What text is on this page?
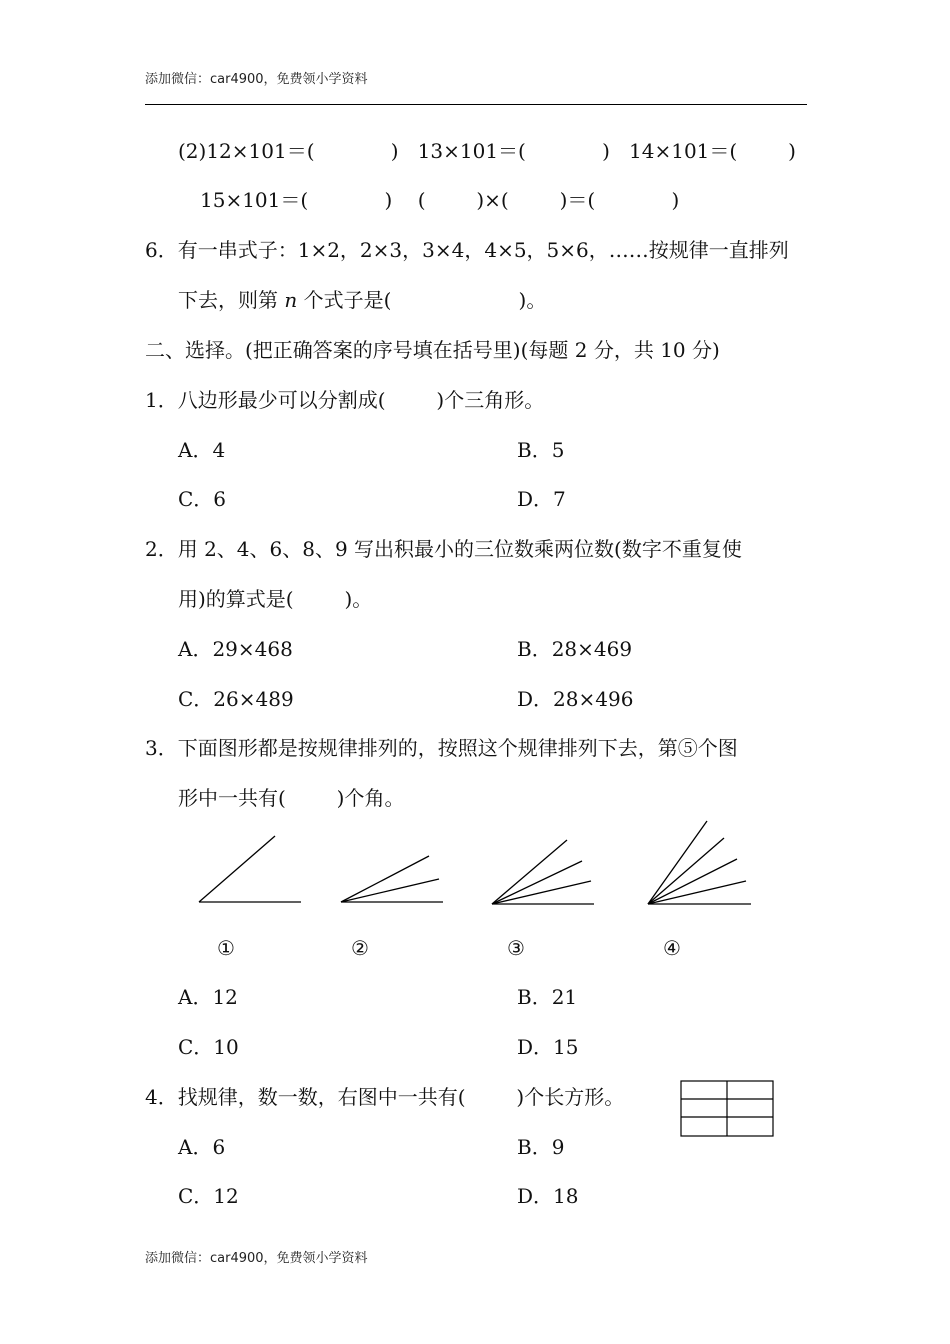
添加微信：car4900，免费领小学资料
(2)12×101＝(            )   13×101＝(            )   14×101＝(        )
15×101＝(            )    (        )×(        )＝(            )
6．有一串式子：1×2，2×3，3×4，4×5，5×6，……按规律一直排列
下去，则第 n 个式子是(                    )。
二、选择。(把正确答案的序号填在括号里)(每题 2 分，共 10 分)
1．八边形最少可以分割成(        )个三角形。
A．4	B．5
C．6	D．7
2．用 2、4、6、8、9 写出积最小的三位数乘两位数(数字不重复使
用)的算式是(        )。
A．29×468	B．28×469
C．26×489	D．28×496
3．下面图形都是按规律排列的，按照这个规律排列下去，第⑤个图
形中一共有(        )个角。
①	②	③	④
A．12	B．21
C．10	D．15
4．找规律，数一数，右图中一共有(        )个长方形。
A．6	B．9
C．12	D．18
添加微信：car4900，免费领小学资料
